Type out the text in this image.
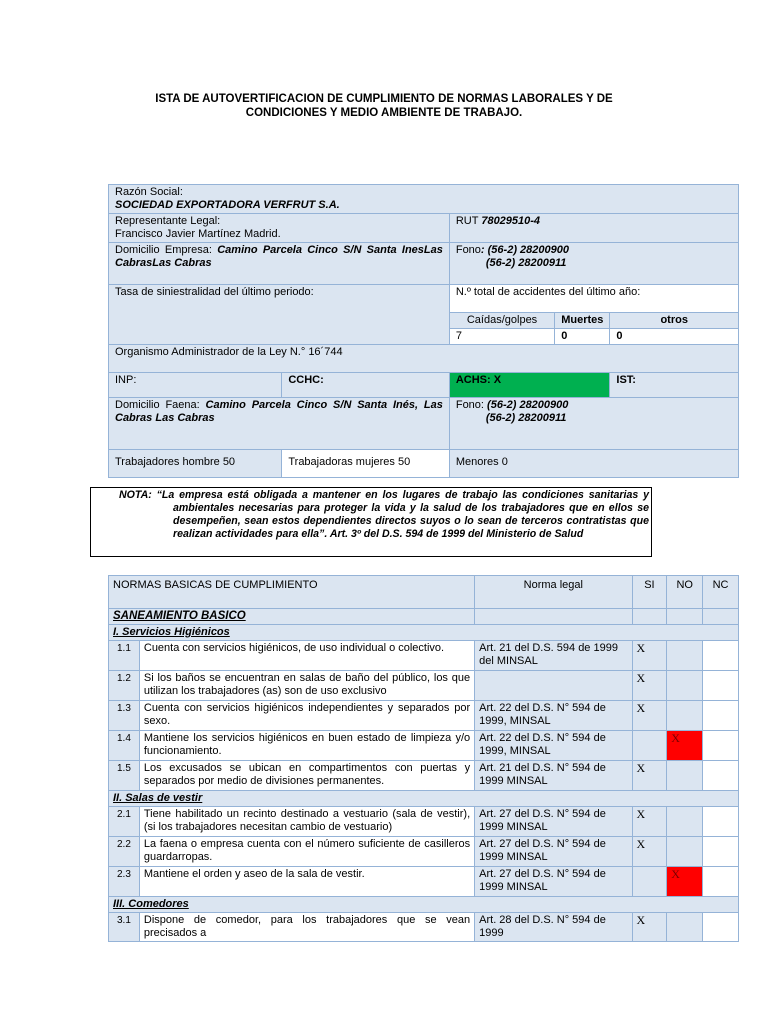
ISTA DE AUTOVERTIFICACION DE CUMPLIMIENTO DE NORMAS LABORALES Y DE
CONDICIONES Y MEDIO AMBIENTE DE TRABAJO.
Razón Social:
SOCIEDAD EXPORTADORA VERFRUT S.A.				

Representante Legal:
Francisco Javier Martínez Madrid.		RUT 78029510-4		
Domicilio Empresa: Camino Parcela Cinco S/N Santa InesLas CabrasLas Cabras		Fono: (56-2) 28200900
(56-2) 28200911		

Tasa de siniestralidad del último periodo:		N.º total de accidentes del último año:		
		Caídas/golpes	Muertes	otros
		7	0	0
Organismo Administrador de la Ley N.° 16´744				
INP:	CCHC:	ACHS: X		IST:
Domicilio Faena: Camino Parcela Cinco S/N Santa Inés, Las Cabras Las Cabras		Fono: (56-2) 28200900
(56-2) 28200911		

Trabajadores hombre 50	Trabajadoras mujeres 50	Menores 0		

NOTA: “La empresa está obligada a mantener en los lugares de trabajo las condiciones sanitarias y ambientales necesarias para proteger la vida y la salud de los trabajadores que en ellos se desempeñen, sean estos dependientes directos suyos o lo sean de terceros contratistas que realizan actividades para ella”. Art. 3º del D.S. 594 de 1999 del Ministerio de Salud

NORMAS BASICAS DE CUMPLIMIENTO		Norma legal	SI	NO	NC
SANEAMIENTO BASICO					
I. Servicios Higiénicos					
1.1	Cuenta con servicios higiénicos, de uso individual o colectivo.	Art. 21 del D.S. 594 de 1999 del MINSAL	X		
1.2	Si los baños se encuentran en salas de baño del público, los que utilizan los trabajadores (as) son de uso exclusivo		X		
1.3	Cuenta con servicios higiénicos independientes y separados por sexo.	Art. 22 del D.S. N° 594 de 1999, MINSAL	X		
1.4	Mantiene los servicios higiénicos en buen estado de limpieza y/o funcionamiento.	Art. 22 del D.S. N° 594 de 1999, MINSAL		X	
1.5	Los excusados se ubican en compartimentos con puertas y separados por medio de divisiones permanentes.	Art. 21 del D.S. N° 594 de 1999 MINSAL	X		
II. Salas de vestir					
2.1	Tiene habilitado un recinto destinado a vestuario (sala de vestir), (si los trabajadores necesitan cambio de vestuario)	Art. 27 del D.S. N° 594 de 1999 MINSAL	X		
2.2	La faena o empresa cuenta con el número suficiente de casilleros guardarropas.	Art. 27 del D.S. N° 594 de 1999 MINSAL	X		
2.3	Mantiene el orden y aseo de la sala de vestir.	Art. 27 del D.S. N° 594 de 1999 MINSAL		X	
III. Comedores					
3.1	Dispone de comedor, para los trabajadores que se vean precisados a	Art. 28 del D.S. N° 594 de 1999	X		
